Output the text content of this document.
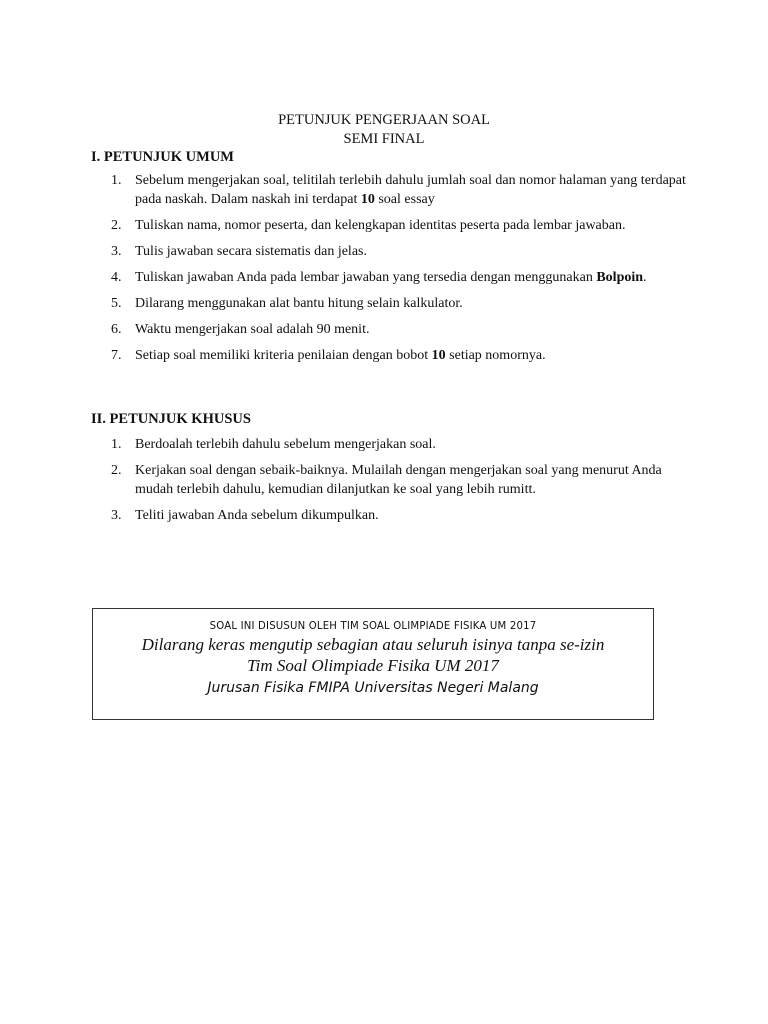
PETUNJUK PENGERJAAN SOAL
SEMI FINAL
I. PETUNJUK UMUM
1. Sebelum mengerjakan soal, telitilah terlebih dahulu jumlah soal dan nomor halaman yang terdapat pada naskah. Dalam naskah ini terdapat 10 soal essay
2. Tuliskan nama, nomor peserta, dan kelengkapan identitas peserta pada lembar jawaban.
3. Tulis jawaban secara sistematis dan jelas.
4. Tuliskan jawaban Anda pada lembar jawaban yang tersedia dengan menggunakan Bolpoin.
5. Dilarang menggunakan alat bantu hitung selain kalkulator.
6. Waktu mengerjakan soal adalah 90 menit.
7. Setiap soal memiliki kriteria penilaian dengan bobot 10 setiap nomornya.
II. PETUNJUK KHUSUS
1. Berdoalah terlebih dahulu sebelum mengerjakan soal.
2. Kerjakan soal dengan sebaik-baiknya. Mulailah dengan mengerjakan soal yang menurut Anda mudah terlebih dahulu, kemudian dilanjutkan ke soal yang lebih rumitt.
3. Teliti jawaban Anda sebelum dikumpulkan.
SOAL INI DISUSUN OLEH TIM SOAL OLIMPIADE FISIKA UM 2017
Dilarang keras mengutip sebagian atau seluruh isinya tanpa se-izin
Tim Soal Olimpiade Fisika UM 2017
Jurusan Fisika FMIPA Universitas Negeri Malang
